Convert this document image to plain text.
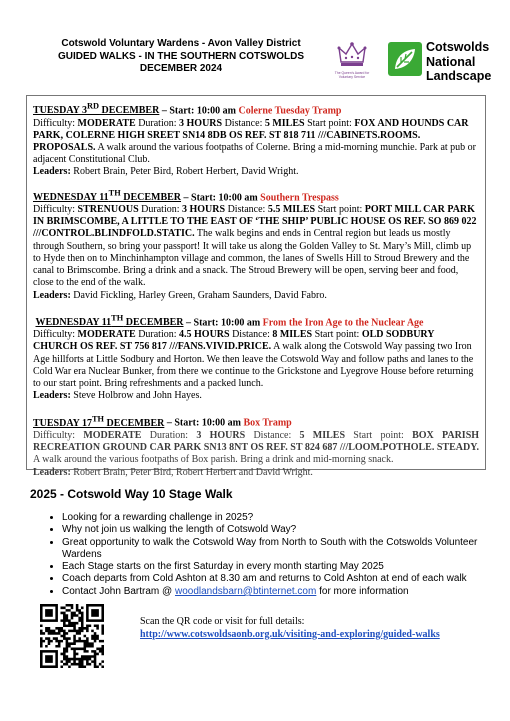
Cotswold Voluntary Wardens - Avon Valley District
GUIDED WALKS - IN THE SOUTHERN COTSWOLDS
DECEMBER 2024	The Queen's Award for Voluntary Service
Cotswolds
National
Landscape

TUESDAY 3RD DECEMBER – Start: 10:00 am Colerne Tuesday Tramp

Difficulty: MODERATE Duration: 3 HOURS Distance: 5 MILES Start point: FOX AND HOUNDS CAR PARK, COLERNE HIGH SREET SN14 8DB OS REF. ST 818 711 ///CABINETS.ROOMS. PROPOSALS. A walk around the various footpaths of Colerne. Bring a mid-morning munchie. Park at pub or adjacent Constitutional Club.

Leaders: Robert Brain, Peter Bird, Robert Herbert, David Wright.

WEDNESDAY 11TH DECEMBER – Start: 10:00 am Southern Trespass

Difficulty: STRENUOUS Duration: 3 HOURS Distance: 5.5 MILES Start point: PORT MILL CAR PARK IN BRIMSCOMBE, A LITTLE TO THE EAST OF ‘THE SHIP’ PUBLIC HOUSE OS REF. SO 869 022 ///CONTROL.BLINDFOLD.STATIC. The walk begins and ends in Central region but leads us mostly through Southern, so bring your passport! It will take us along the Golden Valley to St. Mary’s Mill, climb up to Hyde then on to Minchinhampton village and common, the lanes of Swells Hill to Stroud Brewery and the canal to Brimscombe. Bring a drink and a snack. The Stroud Brewery will be open, serving beer and food, close to the end of the walk.

Leaders: David Fickling, Harley Green, Graham Saunders, David Fabro.

WEDNESDAY 11TH DECEMBER – Start: 10:00 am From the Iron Age to the Nuclear Age

Difficulty: MODERATE Duration: 4.5 HOURS Distance: 8 MILES Start point: OLD SODBURY CHURCH OS REF. ST 756 817 ///FANS.VIVID.PRICE. A walk along the Cotswold Way passing two Iron Age hillforts at Little Sodbury and Horton. We then leave the Cotswold Way and follow paths and lanes to the Cold War era Nuclear Bunker, from there we continue to the Grickstone and Lyegrove House before returning to our start point. Bring refreshments and a packed lunch.

Leaders: Steve Holbrow and John Hayes.

TUESDAY 17TH DECEMBER – Start: 10:00 am Box Tramp

Difficulty: MODERATE Duration: 3 HOURS Distance: 5 MILES Start point: BOX PARISH RECREATION GROUND CAR PARK SN13 8NT OS REF. ST 824 687 ///LOOM.POTHOLE. STEADY. A walk around the various footpaths of Box parish. Bring a drink and mid-morning snack.

Leaders: Robert Brain, Peter Bird, Robert Herbert and David Wright.

2025 - Cotswold Way 10 Stage Walk
• Looking for a rewarding challenge in 2025?
• Why not join us walking the length of Cotswold Way?
• Great opportunity to walk the Cotswold Way from North to South with the Cotswolds Volunteer Wardens
• Each Stage starts on the first Saturday in every month starting May 2025
• Coach departs from Cold Ashton at 8.30 am and returns to Cold Ashton at end of each walk
• Contact John Bartram @ woodlandsbarn@btinternet.com for more information
Scan the QR code or visit for full details:
http://www.cotswoldsaonb.org.uk/visiting-and-exploring/guided-walks
